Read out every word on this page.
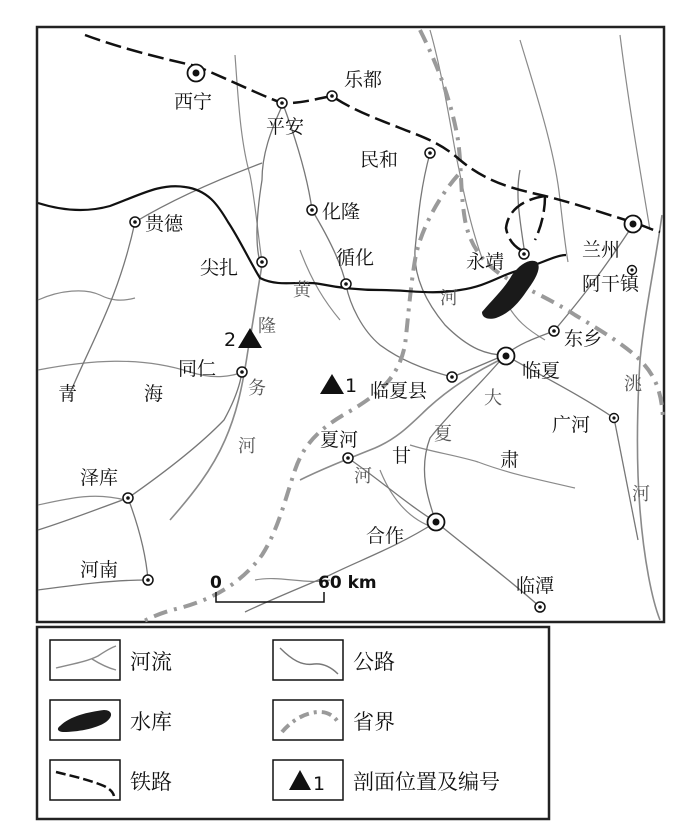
西宁
乐都
平安
民和
贵德
化隆
尖扎	循化	永靖
兰州
阿干镇
东乡
临夏
临夏县
同仁
夏河
广河
泽库
合作
河南
临潭
黄	河
隆
务
河
大
夏
河
洮
河
青	海
甘	肃
1
2
0	60 km
河流	公路
水库	省界
铁路	1 剖面位置及编号
